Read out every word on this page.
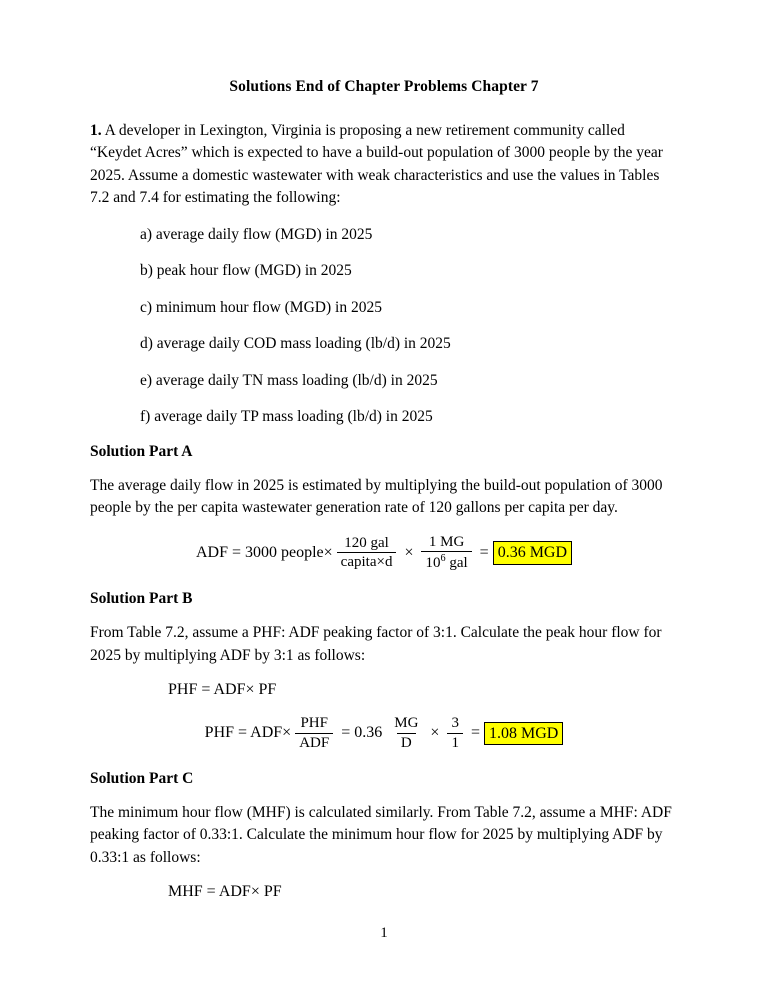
Solutions End of Chapter Problems Chapter 7

1. A developer in Lexington, Virginia is proposing a new retirement community called “Keydet Acres” which is expected to have a build-out population of 3000 people by the year 2025. Assume a domestic wastewater with weak characteristics and use the values in Tables 7.2 and 7.4 for estimating the following:

a) average daily flow (MGD) in 2025
b) peak hour flow (MGD) in 2025
c) minimum hour flow (MGD) in 2025
d) average daily COD mass loading (lb/d) in 2025
e) average daily TN mass loading (lb/d) in 2025
f) average daily TP mass loading (lb/d) in 2025
Solution Part A

The average daily flow in 2025 is estimated by multiplying the build-out population of 3000 people by the per capita wastewater generation rate of 120 gallons per capita per day.

ADF = 3000 people× $\frac{\text{120 gal}}{\text{capita×d}} \times \frac{1 MG}{10^6 gal} = 0.36$ MGD
Solution Part B

From Table 7.2, assume a PHF: ADF peaking factor of 3:1. Calculate the peak hour flow for 2025 by multiplying ADF by 3:1 as follows:

PHF = ADF× PF
PHF = $ADF\times \frac{\text{PHF}}{\text{ADF}} = 0.36 \frac{MG}{D} \times \frac{3}{1} = 1.08$ MGD
Solution Part C

The minimum hour flow (MHF) is calculated similarly. From Table 7.2, assume a MHF: ADF peaking factor of 0.33:1. Calculate the minimum hour flow for 2025 by multiplying ADF by 0.33:1 as follows:

MHF = ADF× PF
1
